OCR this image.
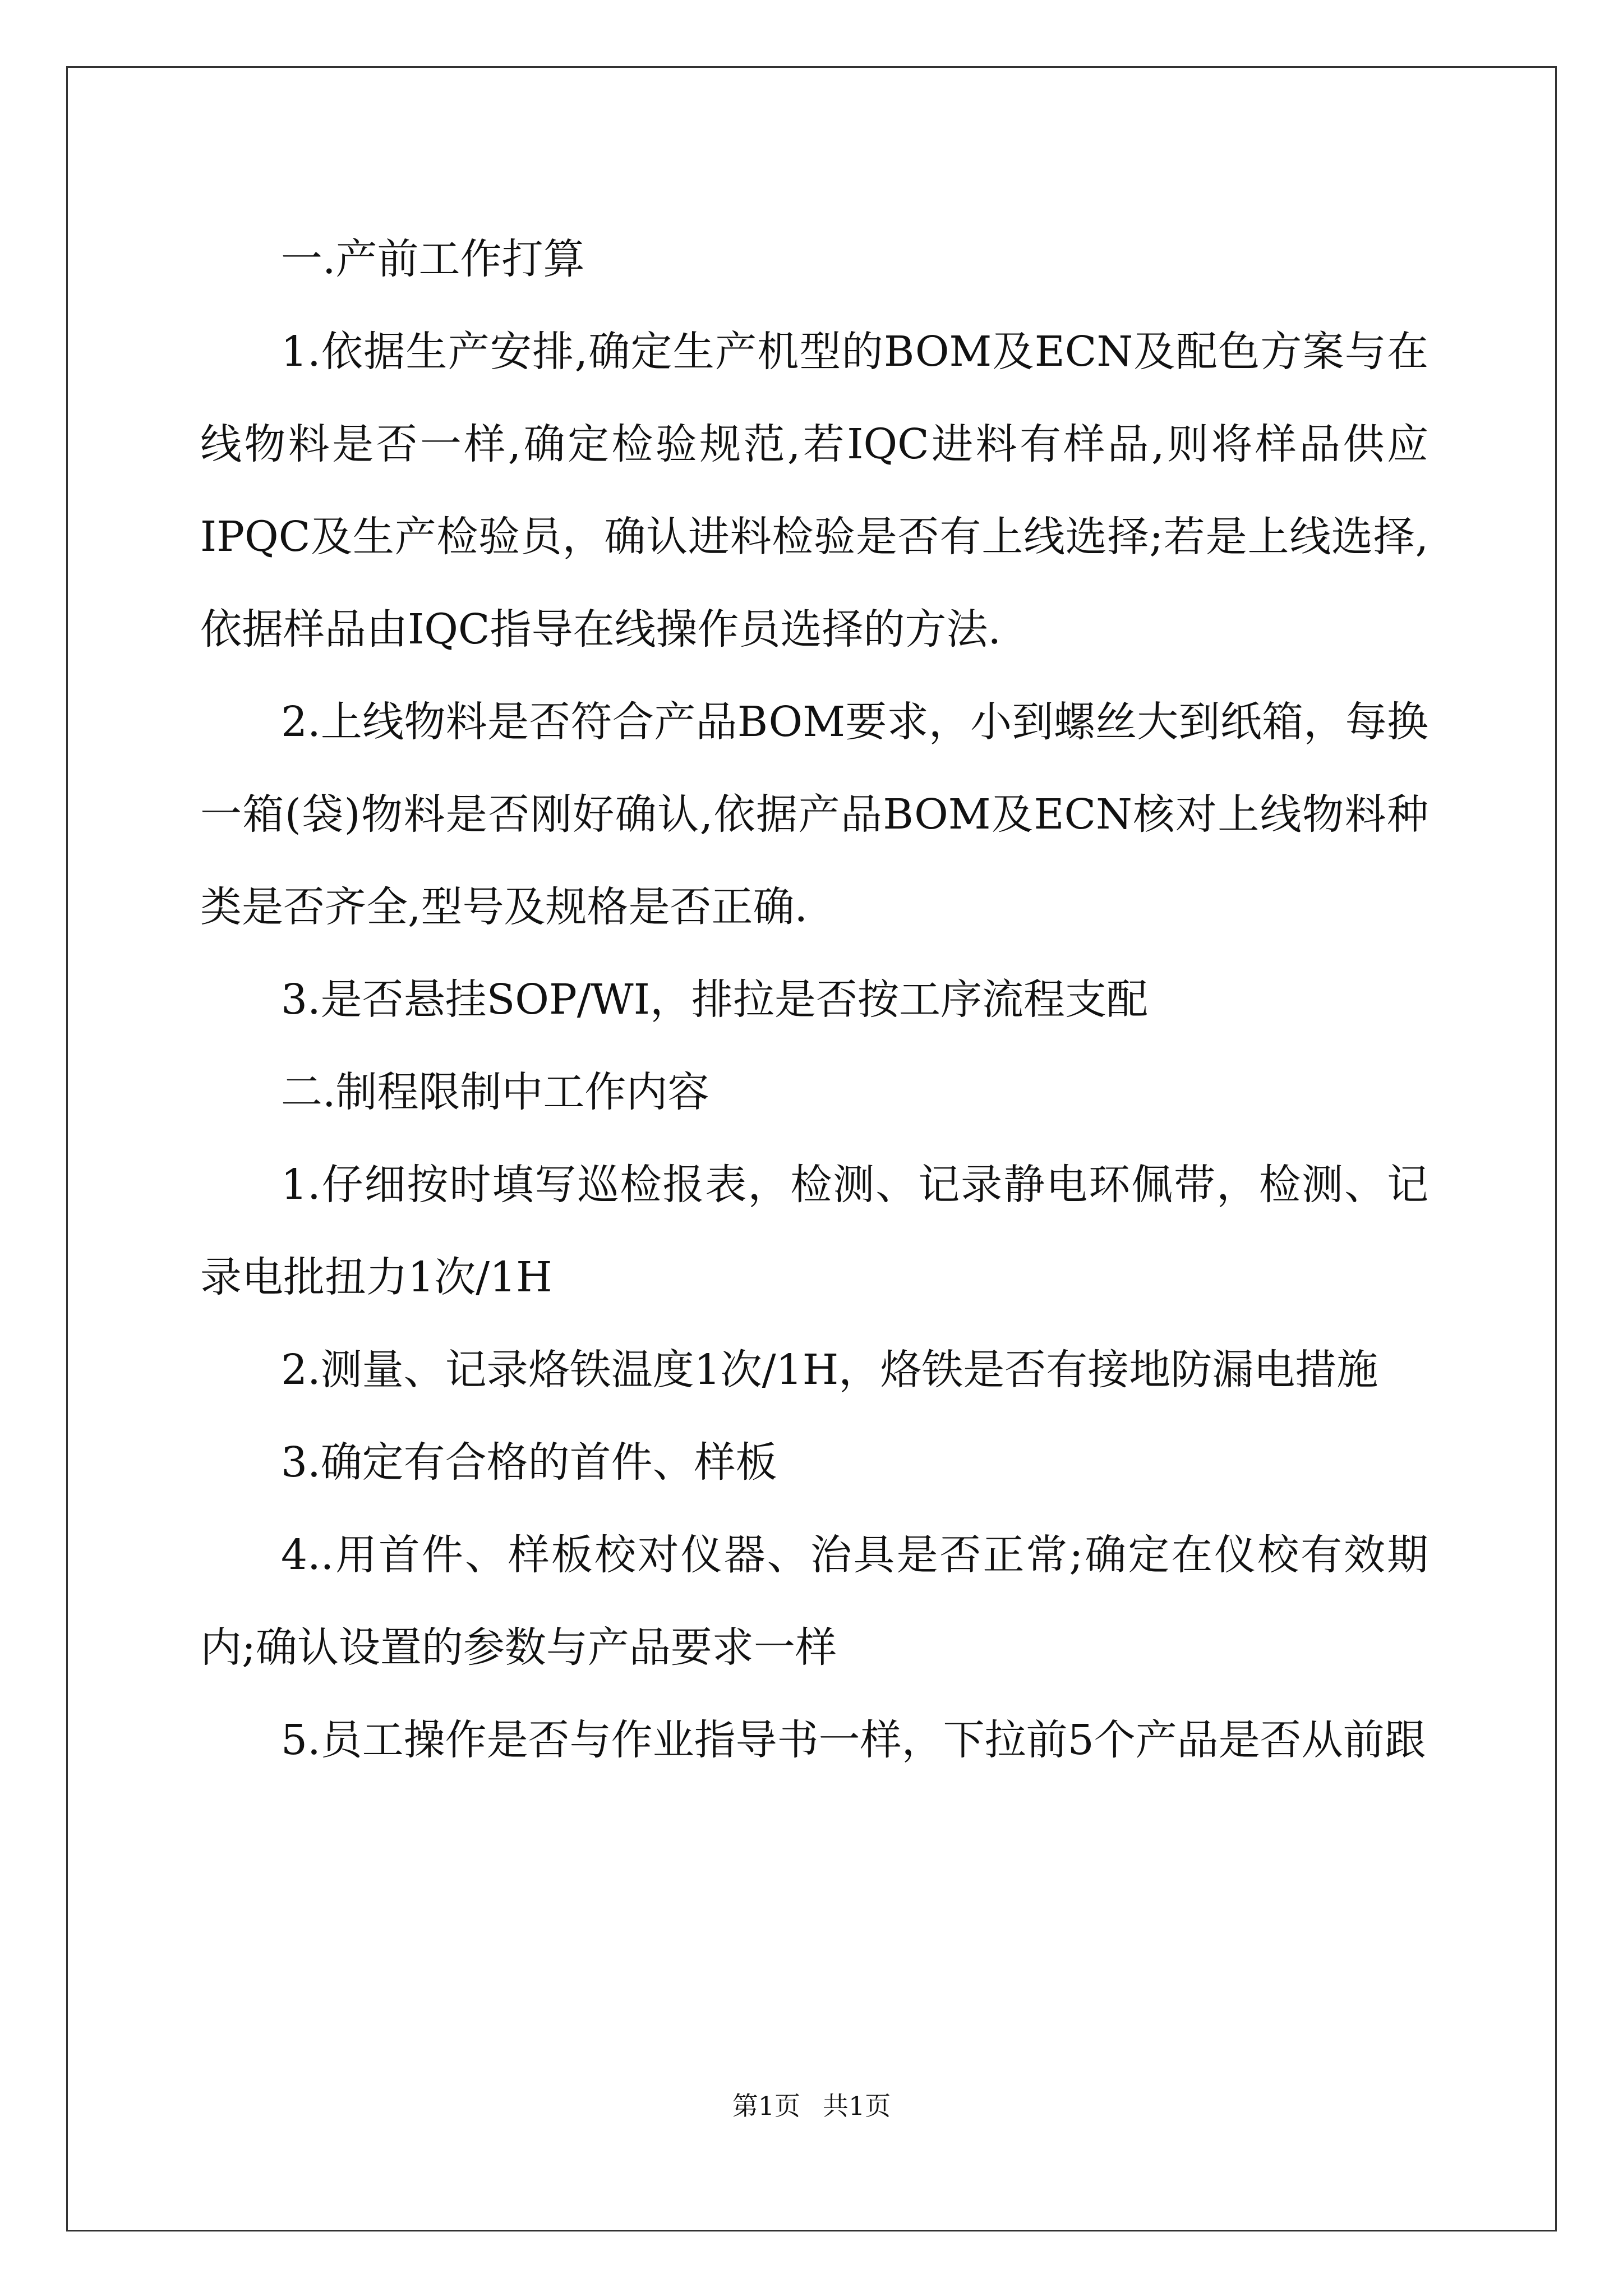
一.产前工作打算

1.依据生产安排,确定生产机型的BOM及ECN及配色方案与在线物料是否一样,确定检验规范,若IQC进料有样品,则将样品供应IPQC及生产检验员，确认进料检验是否有上线选择;若是上线选择,依据样品由IQC指导在线操作员选择的方法.

2.上线物料是否符合产品BOM要求，小到螺丝大到纸箱，每换一箱(袋)物料是否刚好确认,依据产品BOM及ECN核对上线物料种类是否齐全,型号及规格是否正确.

3.是否悬挂SOP/WI，排拉是否按工序流程支配

二.制程限制中工作内容

1.仔细按时填写巡检报表，检测、记录静电环佩带，检测、记录电批扭力1次/1H

2.测量、记录烙铁温度1次/1H，烙铁是否有接地防漏电措施

3.确定有合格的首件、样板

4..用首件、样板校对仪器、治具是否正常;确定在仪校有效期内;确认设置的参数与产品要求一样

5.员工操作是否与作业指导书一样，下拉前5个产品是否从前跟

第1页 共1页
